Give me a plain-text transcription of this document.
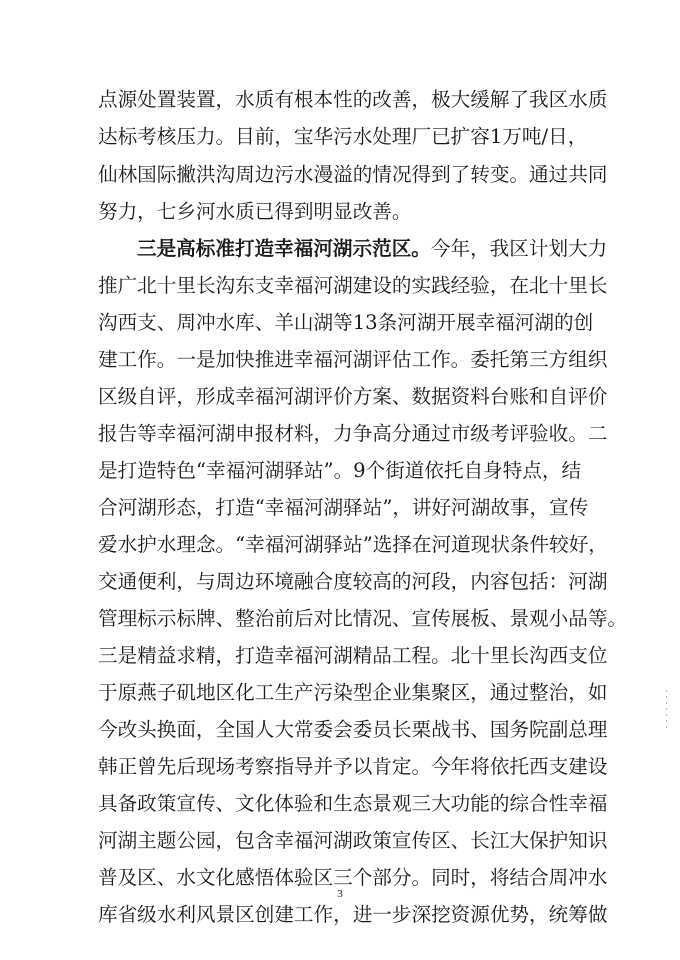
点源处置装置，水质有根本性的改善，极大缓解了我区水质
达标考核压力。目前，宝华污水处理厂已扩容1万吨/日，
仙林国际撇洪沟周边污水漫溢的情况得到了转变。通过共同
努力，七乡河水质已得到明显改善。
三是高标准打造幸福河湖示范区。今年，我区计划大力
推广北十里长沟东支幸福河湖建设的实践经验，在北十里长
沟西支、周冲水库、羊山湖等13条河湖开展幸福河湖的创
建工作。一是加快推进幸福河湖评估工作。委托第三方组织
区级自评，形成幸福河湖评价方案、数据资料台账和自评价
报告等幸福河湖申报材料，力争高分通过市级考评验收。二
是打造特色“幸福河湖驿站”。9个街道依托自身特点，结
合河湖形态，打造“幸福河湖驿站”，讲好河湖故事，宣传
爱水护水理念。“幸福河湖驿站”选择在河道现状条件较好，
交通便利，与周边环境融合度较高的河段，内容包括：河湖
管理标示标牌、整治前后对比情况、宣传展板、景观小品等。
三是精益求精，打造幸福河湖精品工程。北十里长沟西支位
于原燕子矶地区化工生产污染型企业集聚区，通过整治，如
今改头换面，全国人大常委会委员长栗战书、国务院副总理
韩正曾先后现场考察指导并予以肯定。今年将依托西支建设
具备政策宣传、文化体验和生态景观三大功能的综合性幸福
河湖主题公园，包含幸福河湖政策宣传区、长江大保护知识
普及区、水文化感悟体验区三个部分。同时，将结合周冲水
库省级水利风景区创建工作，进一步深挖资源优势，统筹做
3
